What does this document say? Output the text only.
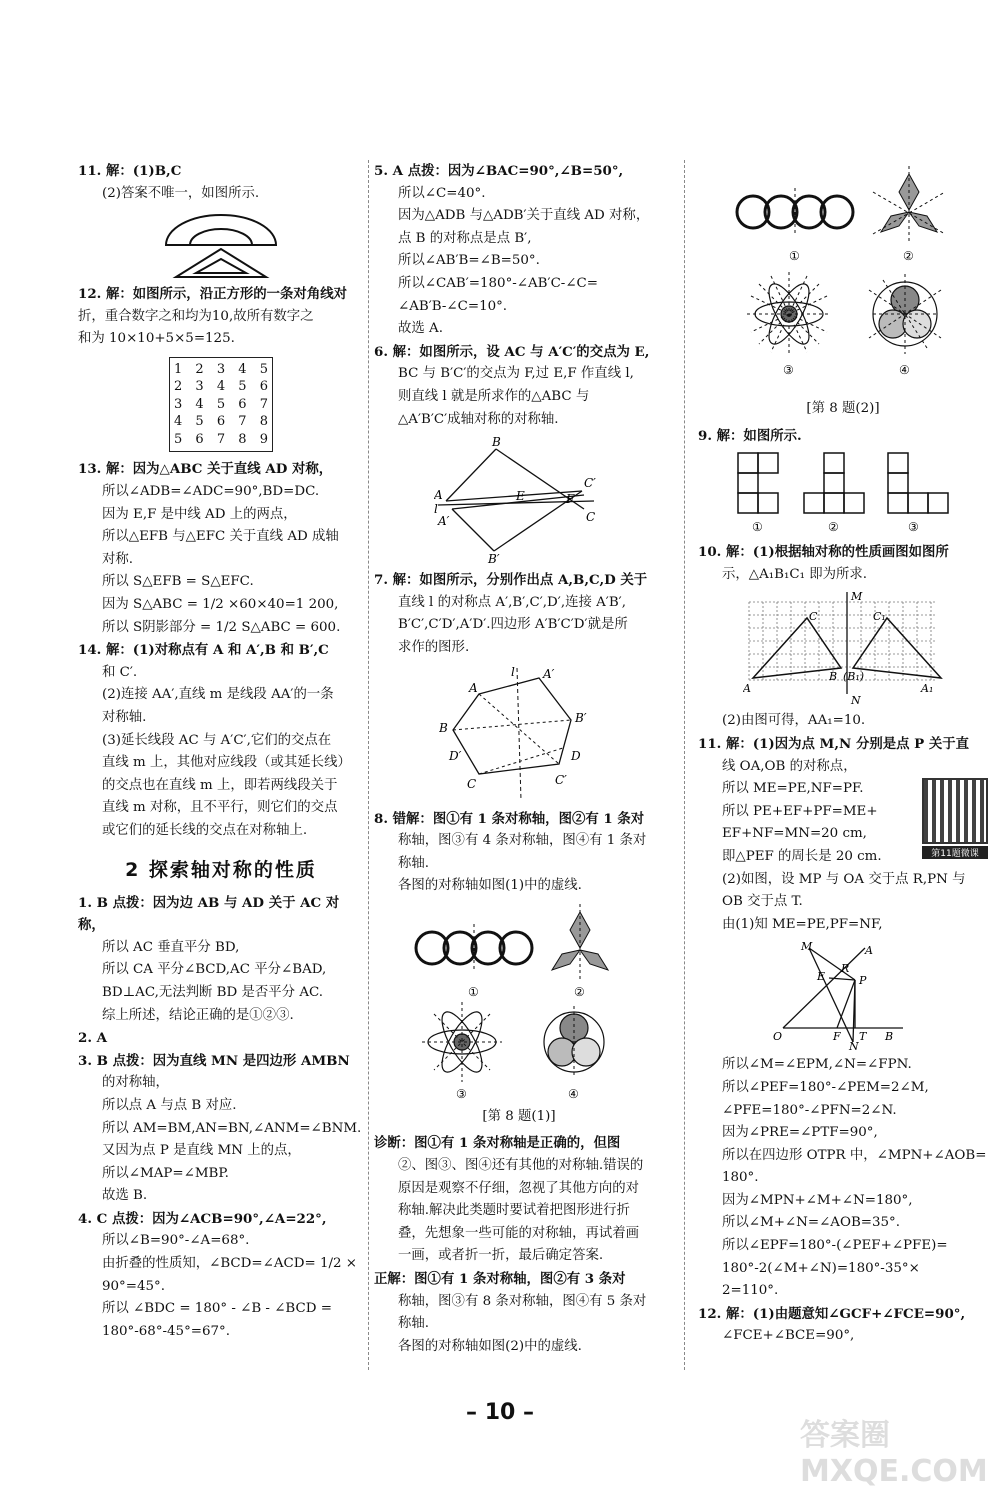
11. 解：(1)B,C

(2)答案不唯一，如图所示.

12. 解：如图所示，沿正方形的一条对角线对

折，重合数字之和均为10,故所有数字之

和为 10×10+5×5=125.

1 2 3 4 5
2 3 4 5 6
3 4 5 6 7
4 5 6 7 8
5 6 7 8 9

13. 解：因为△ABC 关于直线 AD 对称，

所以∠ADB=∠ADC=90°,BD=DC.

因为 E,F 是中线 AD 上的两点，

所以△EFB 与△EFC 关于直线 AD 成轴

对称.

所以 S△EFB = S△EFC.

因为 S△ABC = 1/2 ×60×40=1 200,

所以 S阴影部分 = 1/2 S△ABC = 600.

14. 解：(1)对称点有 A 和 A′,B 和 B′,C

和 C′.

(2)连接 AA′,直线 m 是线段 AA′的一条

对称轴.

(3)延长线段 AC 与 A′C′,它们的交点在

直线 m 上，其他对应线段（或其延长线）

的交点也在直线 m 上，即若两线段关于

直线 m 对称，且不平行，则它们的交点

或它们的延长线的交点在对称轴上.

2 探索轴对称的性质

1. B 点拨：因为边 AB 与 AD 关于 AC 对称，

所以 AC 垂直平分 BD,

所以 CA 平分∠BCD,AC 平分∠BAD,

BD⊥AC,无法判断 BD 是否平分 AC.

综上所述，结论正确的是①②③.

2. A

3. B 点拨：因为直线 MN 是四边形 AMBN

的对称轴，

所以点 A 与点 B 对应.

所以 AM=BM,AN=BN,∠ANM=∠BNM.

又因为点 P 是直线 MN 上的点，

所以∠MAP=∠MBP.

故选 B.

4. C 点拨：因为∠ACB=90°,∠A=22°,

所以∠B=90°-∠A=68°.

由折叠的性质知，∠BCD=∠ACD= 1/2 ×

90°=45°.

所以 ∠BDC = 180° - ∠B - ∠BCD =

180°-68°-45°=67°.

5. A 点拨：因为∠BAC=90°,∠B=50°,

所以∠C=40°.

因为△ADB 与△ADB′关于直线 AD 对称，

点 B 的对称点是点 B′,

所以∠AB′B=∠B=50°.

所以∠CAB′=180°-∠AB′C-∠C=

∠AB′B-∠C=10°.

故选 A.

6. 解：如图所示，设 AC 与 A′C′的交点为 E,

BC 与 B′C′的交点为 F,过 E,F 作直线 l,

则直线 l 就是所求作的△ABC 与

△A′B′C′成轴对称的对称轴.

B
C′
A	E	F
l
A′	C
B′

7. 解：如图所示，分别作出点 A,B,C,D 关于

直线 l 的对称点 A′,B′,C′,D′,连接 A′B′,

B′C′,C′D′,A′D′.四边形 A′B′C′D′就是所

求作的图形.

l A′
A
B
B′
D′	D
C	C′

8. 错解：图①有 1 条对称轴，图②有 1 条对

称轴，图③有 4 条对称轴，图④有 1 条对

称轴.

各图的对称轴如图(1)中的虚线.

①	②
③	④

[第 8 题(1)]

诊断：图①有 1 条对称轴是正确的，但图

②、图③、图④还有其他的对称轴.错误的

原因是观察不仔细，忽视了其他方向的对

称轴.解决此类题时要试着把图形进行折

叠，先想象一些可能的对称轴，再试着画

一画，或者折一折，最后确定答案.

正解：图①有 1 条对称轴，图②有 3 条对

称轴，图③有 8 条对称轴，图④有 5 条对

称轴.

各图的对称轴如图(2)中的虚线.

①	②
③	④

[第 8 题(2)]

9. 解：如图所示.

①	②	③

10. 解：(1)根据轴对称的性质画图如图所

示，△A₁B₁C₁ 即为所求.

M
C	C₁
B (B₁)
A	A₁
N

(2)由图可得，AA₁=10.

11. 解：(1)因为点 M,N 分别是点 P 关于直

线 OA,OB 的对称点，

所以 ME=PE,NF=PF.

所以 PE+EF+PF=ME+

EF+NF=MN=20 cm,

即△PEF 的周长是 20 cm.	第11题微课

(2)如图，设 MP 与 OA 交于点 R,PN 与

OB 交于点 T.

由(1)知 ME=PE,PF=NF,

M	A
E
R
P
O	F T B
N

所以∠M=∠EPM,∠N=∠FPN.

所以∠PEF=180°-∠PEM=2∠M,

∠PFE=180°-∠PFN=2∠N.

因为∠PRE=∠PTF=90°,

所以在四边形 OTPR 中，∠MPN+∠AOB=

180°.

因为∠MPN+∠M+∠N=180°,

所以∠M+∠N=∠AOB=35°.

所以∠EPF=180°-(∠PEF+∠PFE)=

180°-2(∠M+∠N)=180°-35°×

2=110°.

12. 解：(1)由题意知∠GCF+∠FCE=90°,

∠FCE+∠BCE=90°,

– 10 –
答案圈 MXQE.COM
